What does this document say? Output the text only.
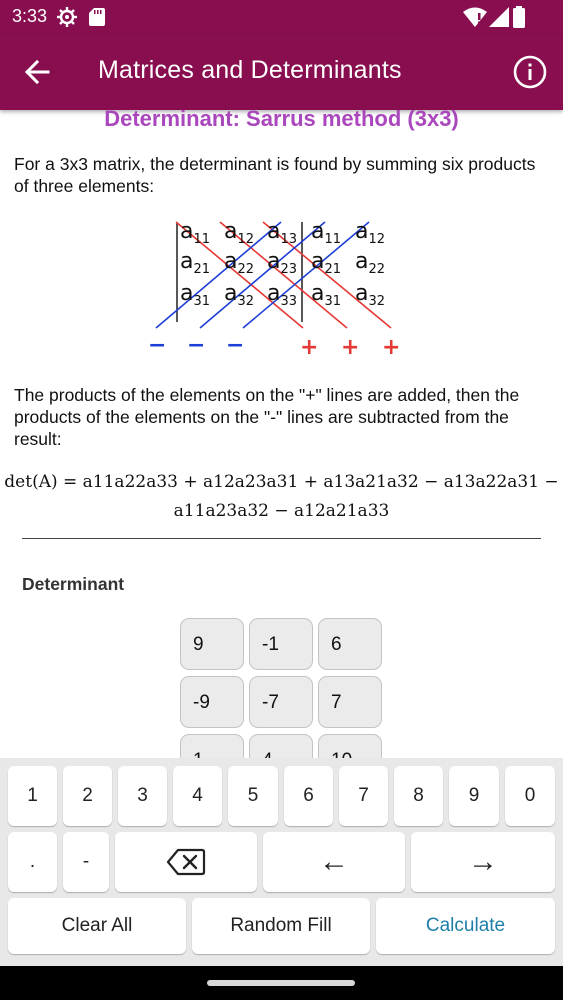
3:33
Matrices and Determinants
Determinant: Sarrus method (3x3)
For a 3x3 matrix, the determinant is found by summing six products of three elements:
$a_{11}$ $a_{12}$ $a_{13}$ $a_{11}$ $a_{12}$
$a_{21}$ $a_{22}$ $a_{23}$ $a_{21}$ $a_{22}$
$a_{31}$ $a_{32}$ $a_{33}$ $a_{31}$ $a_{32}$
− − −	+ + +
The products of the elements on the "+" lines are added, then the products of the elements on the "-" lines are subtracted from the result:
det(A) = a11a22a33 + a12a23a31 + a13a21a32 − a13a22a31 −
a11a23a32 − a12a21a33
Determinant
9	-1	6
-9	-7	7
1	2	3	4	5	6	7	8	9	0
.	-	←	→
Clear All	Random Fill	Calculate
